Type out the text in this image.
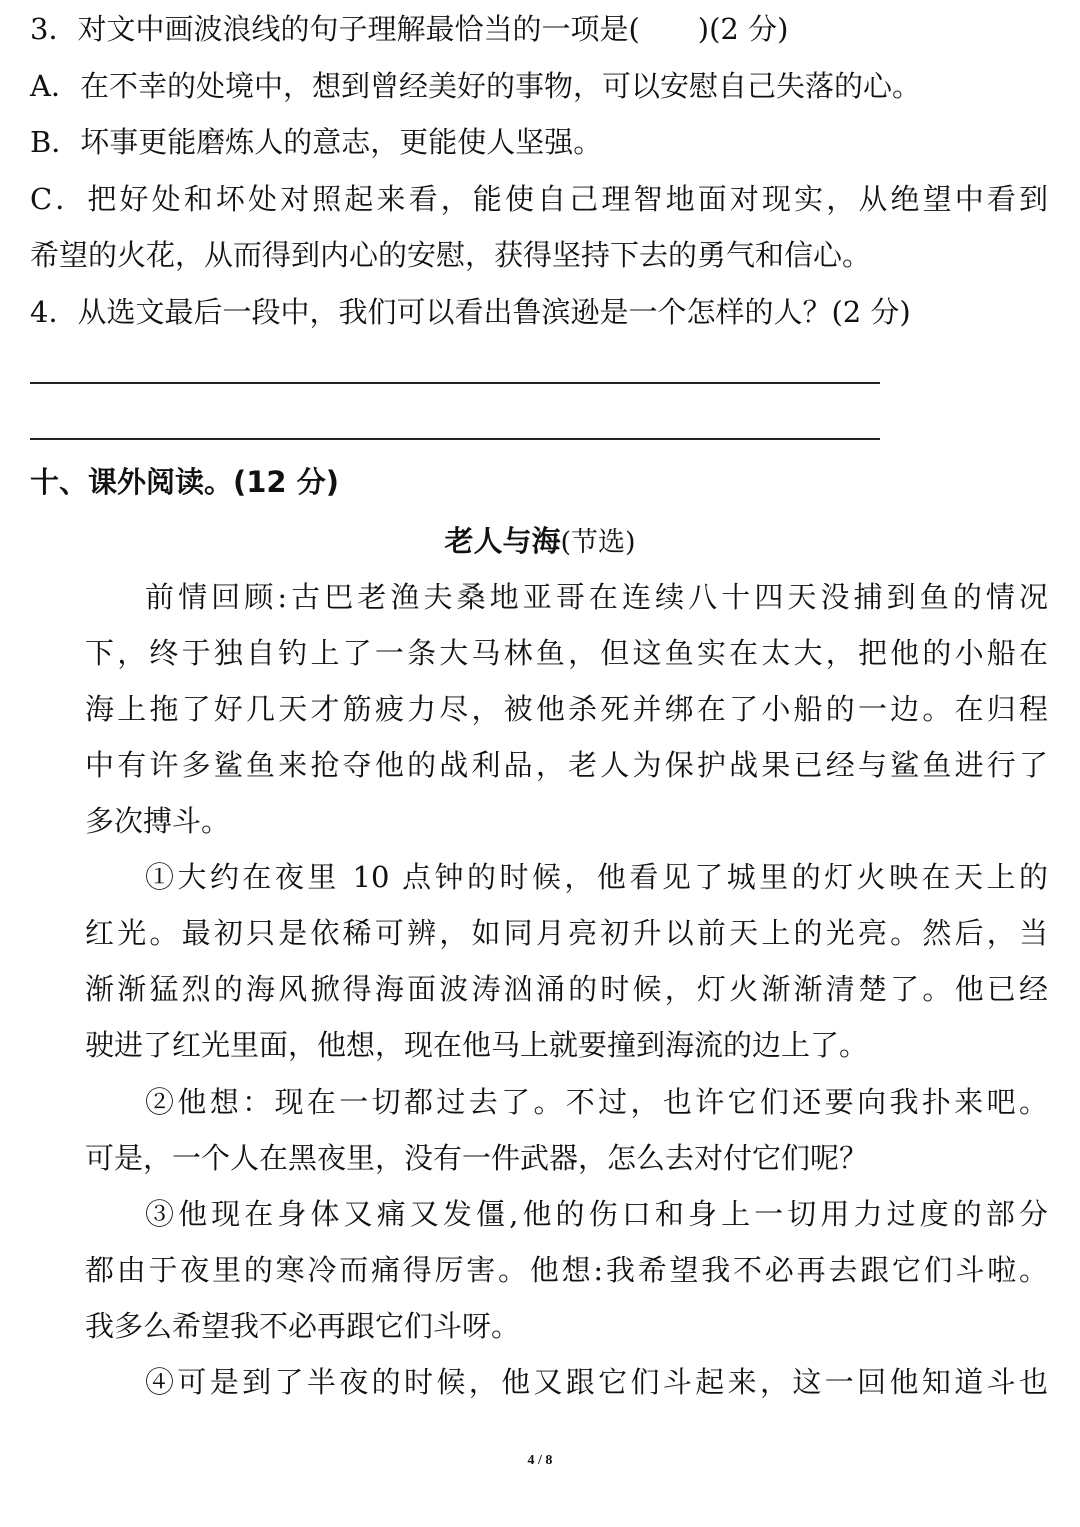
3．对文中画波浪线的句子理解最恰当的一项是(　　)(2 分)
A．在不幸的处境中，想到曾经美好的事物，可以安慰自己失落的心。
B．坏事更能磨炼人的意志，更能使人坚强。
C．把好处和坏处对照起来看，能使自己理智地面对现实，从绝望中看到
希望的火花，从而得到内心的安慰，获得坚持下去的勇气和信心。
4．从选文最后一段中，我们可以看出鲁滨逊是一个怎样的人？(2 分)
十、课外阅读。(12 分)
老人与海(节选)
前情回顾:古巴老渔夫桑地亚哥在连续八十四天没捕到鱼的情况
下，终于独自钓上了一条大马林鱼，但这鱼实在太大，把他的小船在
海上拖了好几天才筋疲力尽，被他杀死并绑在了小船的一边。在归程
中有许多鲨鱼来抢夺他的战利品，老人为保护战果已经与鲨鱼进行了
多次搏斗。
①大约在夜里 10 点钟的时候，他看见了城里的灯火映在天上的
红光。最初只是依稀可辨，如同月亮初升以前天上的光亮。然后，当
渐渐猛烈的海风掀得海面波涛汹涌的时候，灯火渐渐清楚了。他已经
驶进了红光里面，他想，现在他马上就要撞到海流的边上了。
②他想：现在一切都过去了。不过，也许它们还要向我扑来吧。
可是，一个人在黑夜里，没有一件武器，怎么去对付它们呢？
③他现在身体又痛又发僵,他的伤口和身上一切用力过度的部分
都由于夜里的寒冷而痛得厉害。他想:我希望我不必再去跟它们斗啦。
我多么希望我不必再跟它们斗呀。
④可是到了半夜的时候，他又跟它们斗起来，这一回他知道斗也
4 / 8
